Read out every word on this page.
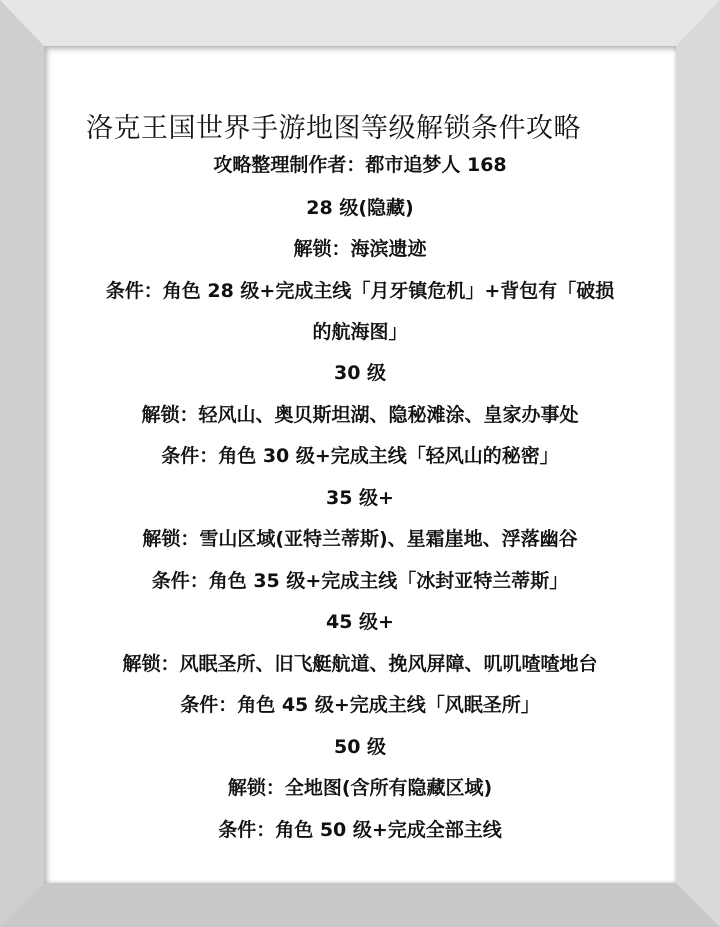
洛克王国世界手游地图等级解锁条件攻略
攻略整理制作者：都市追梦人 168
28 级(隐藏)
解锁：海滨遗迹
条件：角色 28 级+完成主线「月牙镇危机」+背包有「破损
的航海图」
30 级
解锁：轻风山、奥贝斯坦湖、隐秘滩涂、皇家办事处
条件：角色 30 级+完成主线「轻风山的秘密」
35 级+
解锁：雪山区域(亚特兰蒂斯)、星霜崖地、浮落幽谷
条件：角色 35 级+完成主线「冰封亚特兰蒂斯」
45 级+
解锁：风眠圣所、旧飞艇航道、挽风屏障、叽叽喳喳地台
条件：角色 45 级+完成主线「风眠圣所」
50 级
解锁：全地图(含所有隐藏区域)
条件：角色 50 级+完成全部主线
